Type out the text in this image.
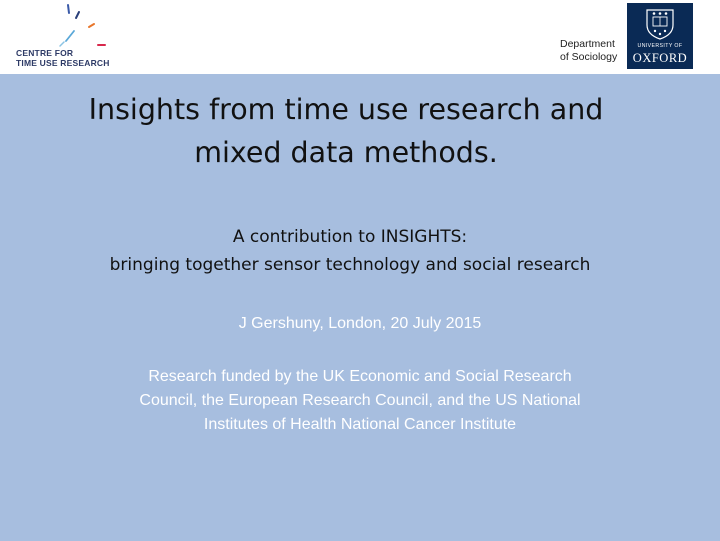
CENTRE FOR
TIME USE RESEARCH
Department
of Sociology
UNIVERSITY OF
OXFORD
Insights from time use research and
mixed data methods.
A contribution to INSIGHTS:
bringing together sensor technology and social research
J Gershuny, London, 20 July 2015
Research funded by the UK Economic and Social Research
Council, the European Research Council, and the US National
Institutes of Health National Cancer Institute
